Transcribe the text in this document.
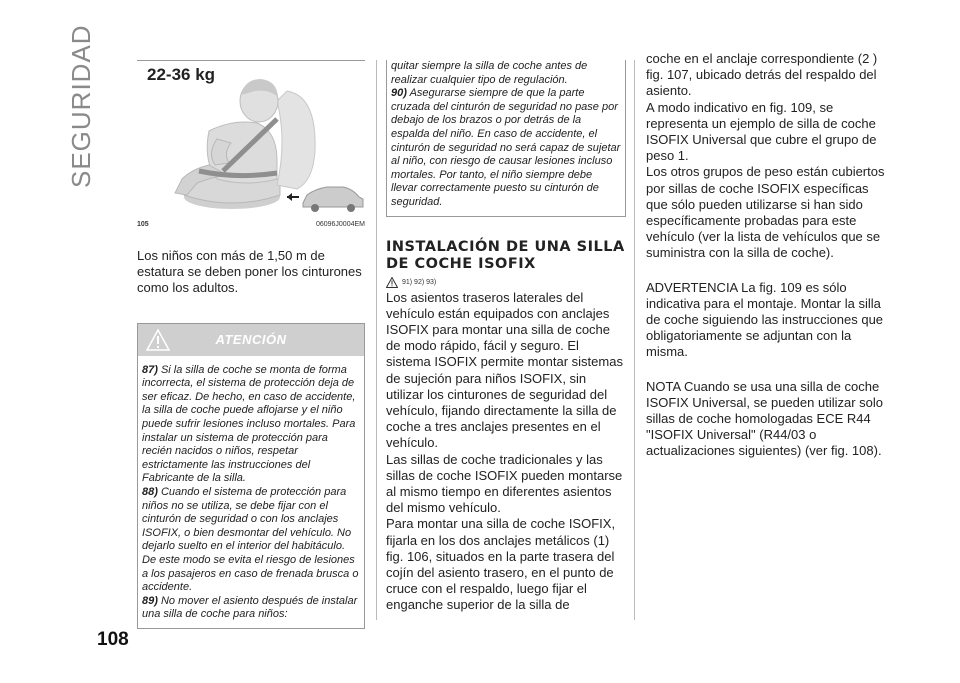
SEGURIDAD
108
22-36 kg
105	06096J0004EM

Los niños con más de 1,50 m de estatura se deben poner los cinturones como los adultos.

ATENCIÓN

87) Si la silla de coche se monta de forma incorrecta, el sistema de protección deja de ser eficaz. De hecho, en caso de accidente, la silla de coche puede aflojarse y el niño puede sufrir lesiones incluso mortales. Para instalar un sistema de protección para recién nacidos o niños, respetar estrictamente las instrucciones del Fabricante de la silla.

88) Cuando el sistema de protección para niños no se utiliza, se debe fijar con el cinturón de seguridad o con los anclajes ISOFIX, o bien desmontar del vehículo. No dejarlo suelto en el interior del habitáculo. De este modo se evita el riesgo de lesiones a los pasajeros en caso de frenada brusca o accidente.

89) No mover el asiento después de instalar una silla de coche para niños:

quitar siempre la silla de coche antes de realizar cualquier tipo de regulación.

90) Asegurarse siempre de que la parte cruzada del cinturón de seguridad no pase por debajo de los brazos o por detrás de la espalda del niño. En caso de accidente, el cinturón de seguridad no será capaz de sujetar al niño, con riesgo de causar lesiones incluso mortales. Por tanto, el niño siempre debe llevar correctamente puesto su cinturón de seguridad.

INSTALACIÓN DE UNA SILLA DE COCHE ISOFIX
91) 92) 93)

Los asientos traseros laterales del vehículo están equipados con anclajes ISOFIX para montar una silla de coche de modo rápido, fácil y seguro. El sistema ISOFIX permite montar sistemas de sujeción para niños ISOFIX, sin utilizar los cinturones de seguridad del vehículo, fijando directamente la silla de coche a tres anclajes presentes en el vehículo.

Las sillas de coche tradicionales y las sillas de coche ISOFIX pueden montarse al mismo tiempo en diferentes asientos del mismo vehículo.

Para montar una silla de coche ISOFIX, fijarla en los dos anclajes metálicos (1) fig. 106, situados en la parte trasera del cojín del asiento trasero, en el punto de cruce con el respaldo, luego fijar el enganche superior de la silla de

coche en el anclaje correspondiente (2 ) fig. 107, ubicado detrás del respaldo del asiento.

A modo indicativo en fig. 109, se representa un ejemplo de silla de coche ISOFIX Universal que cubre el grupo de peso 1.

Los otros grupos de peso están cubiertos por sillas de coche ISOFIX específicas que sólo pueden utilizarse si han sido específicamente probadas para este vehículo (ver la lista de vehículos que se suministra con la silla de coche).

ADVERTENCIA La fig. 109 es sólo indicativa para el montaje. Montar la silla de coche siguiendo las instrucciones que obligatoriamente se adjuntan con la misma.

NOTA Cuando se usa una silla de coche ISOFIX Universal, se pueden utilizar solo sillas de coche homologadas ECE R44 "ISOFIX Universal" (R44/03 o actualizaciones siguientes) (ver fig. 108).
